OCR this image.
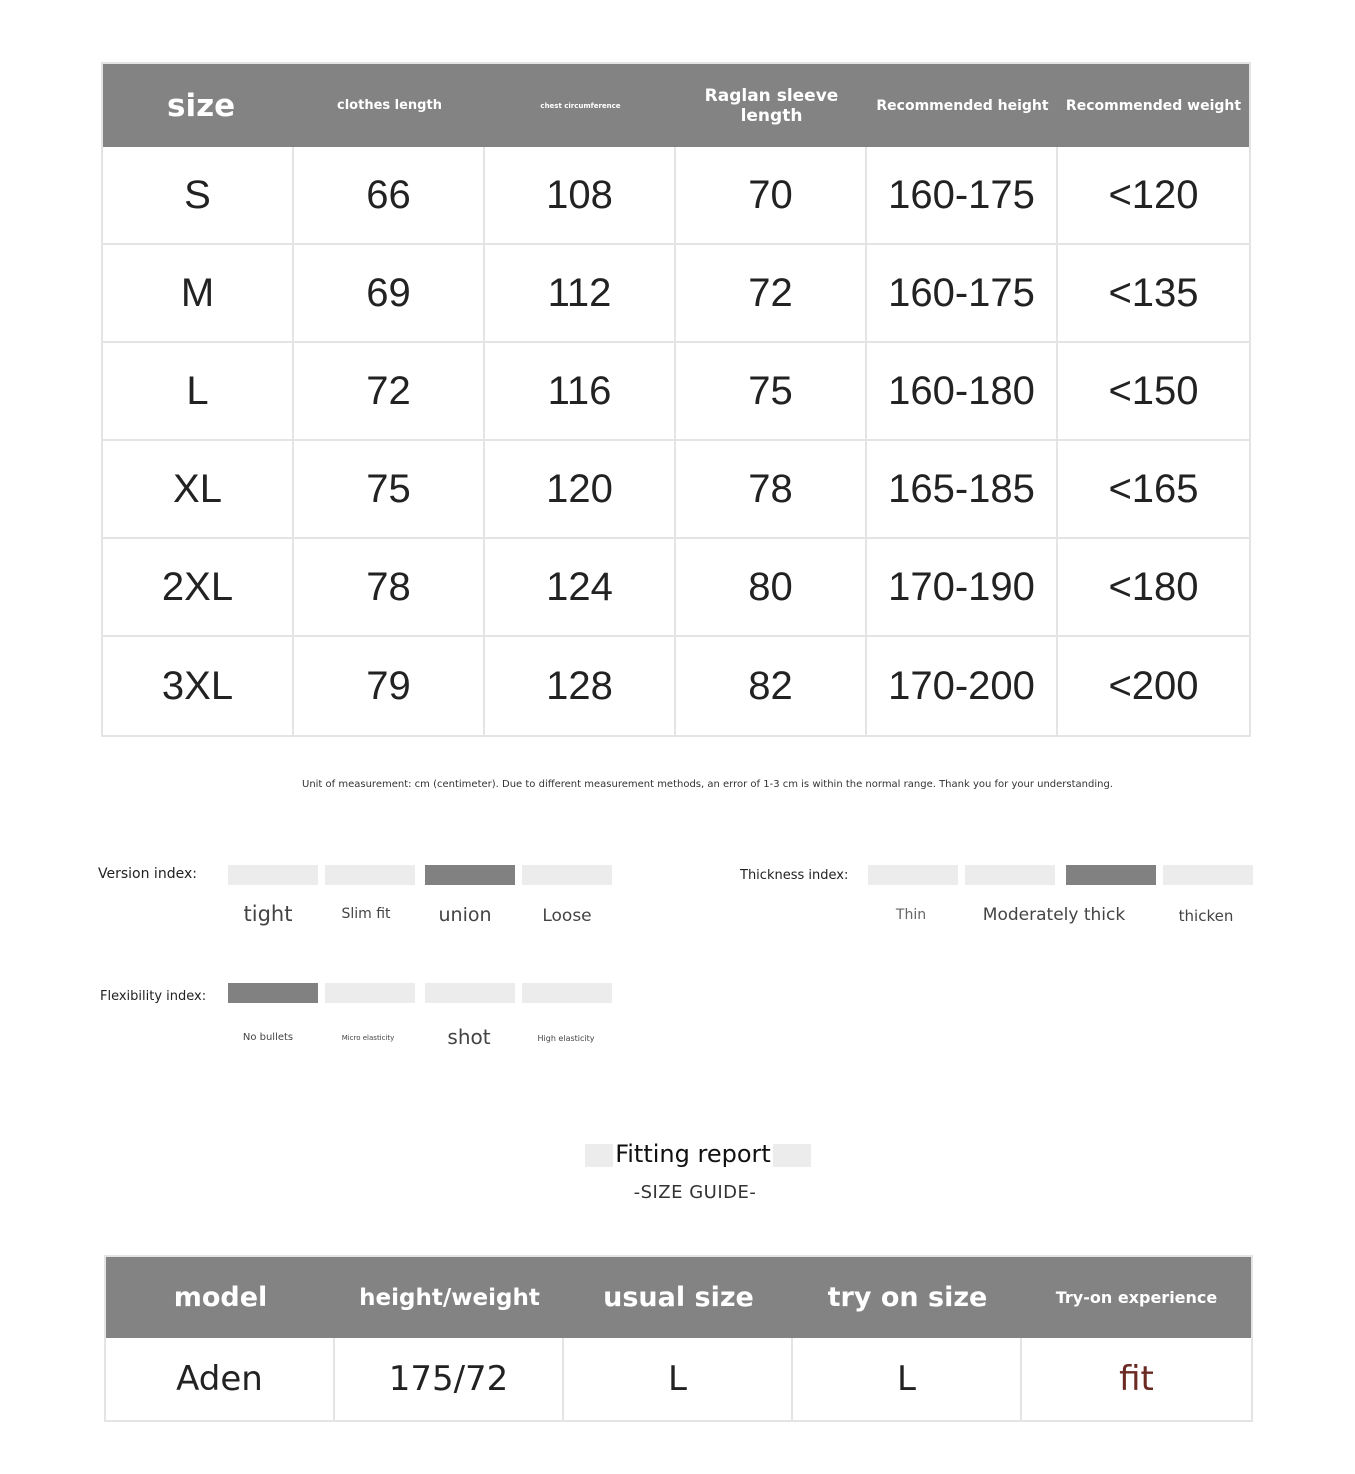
size	clothes length	chest circumference	Raglan sleeve length	Recommended height	Recommended weight
S	66	108	70	160-175	<120
M	69	112	72	160-175	<135
L	72	116	75	160-180	<150
XL	75	120	78	165-185	<165
2XL	78	124	80	170-190	<180
3XL	79	128	82	170-200	<200
Unit of measurement: cm (centimeter). Due to different measurement methods, an error of 1-3 cm is within the normal range. Thank you for your understanding.
Version index:
tight	Slim fit	union	Loose
Thickness index:
Thin	Moderately thick	thicken
Flexibility index:
No bullets	Micro elasticity	shot	High elasticity
Fitting report
-SIZE GUIDE-
model	height/weight	usual size	try on size	Try-on experience
Aden	175/72	L	L	fit
